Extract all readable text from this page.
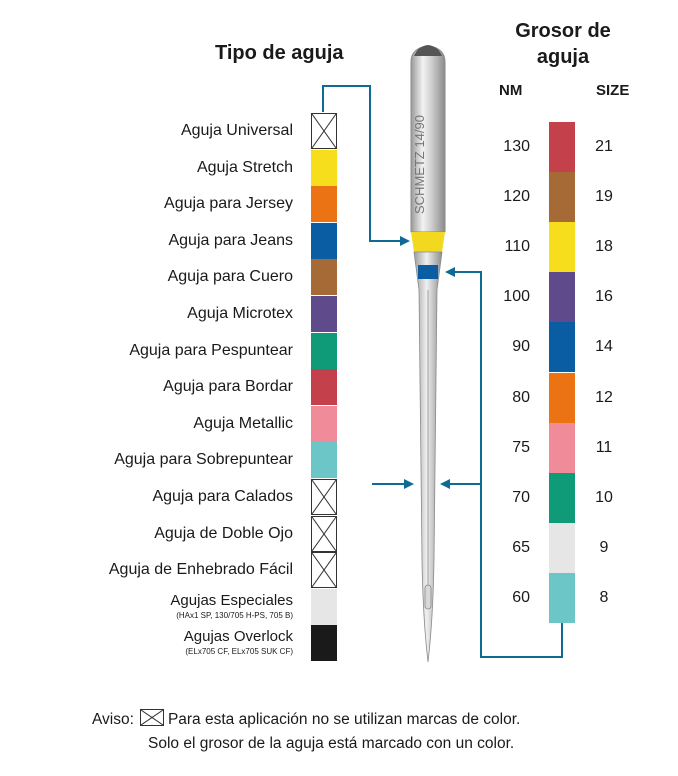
Tipo de aguja
Grosor de aguja
NM	SIZE
Aguja Universal
Aguja Stretch
Aguja para Jersey
Aguja para Jeans
Aguja para Cuero
Aguja Microtex
Aguja para Pespuntear
Aguja para Bordar
Aguja Metallic
Aguja para Sobrepuntear
Aguja para Calados
Aguja de Doble Ojo
Aguja de Enhebrado Fácil
Agujas Especiales
(HAx1 SP, 130/705 H-PS, 705 B)
Agujas Overlock
(ELx705 CF, ELx705 SUK CF)
130	21
120	19
110	18
100	16
90	14
80	12
75	11
70	10
65	9
60	8
SCHMETZ 14/90
Aviso: Para esta aplicación no se utilizan marcas de color.
Solo el grosor de la aguja está marcado con un color.
